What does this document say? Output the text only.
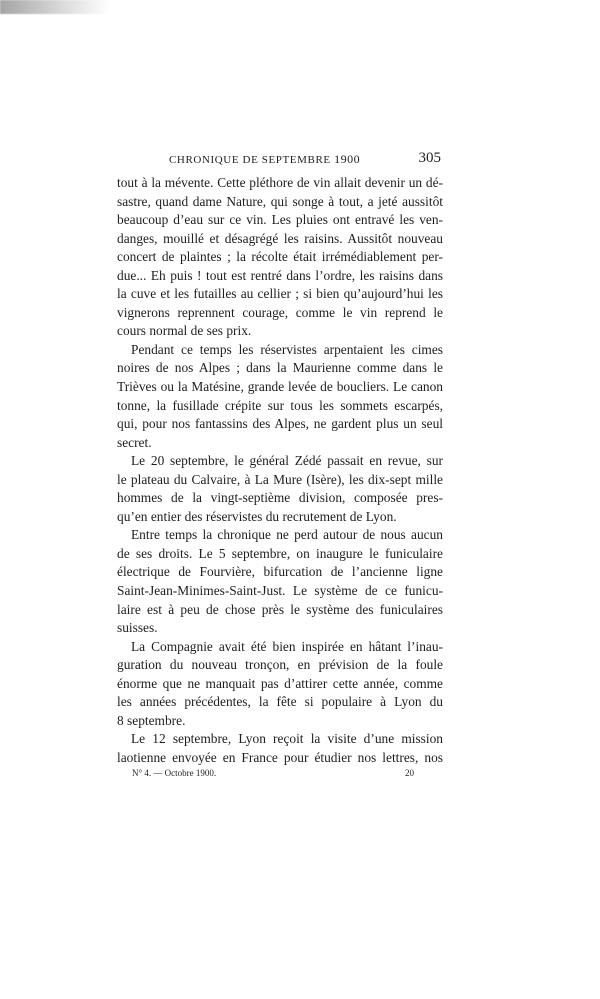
CHRONIQUE DE SEPTEMBRE 1900	305

tout à la mévente. Cette pléthore de vin allait devenir un dé-
sastre, quand dame Nature, qui songe à tout, a jeté aussitôt
beaucoup d’eau sur ce vin. Les pluies ont entravé les ven-
danges, mouillé et désagrégé les raisins. Aussitôt nouveau
concert de plaintes ; la récolte était irrémédiablement per-
due... Eh puis ! tout est rentré dans l’ordre, les raisins dans
la cuve et les futailles au cellier ; si bien qu’aujourd’hui les
vignerons reprennent courage, comme le vin reprend le
cours normal de ses prix.

Pendant ce temps les réservistes arpentaient les cimes
noires de nos Alpes ; dans la Maurienne comme dans le
Trièves ou la Matésine, grande levée de boucliers. Le canon
tonne, la fusillade crépite sur tous les sommets escarpés,
qui, pour nos fantassins des Alpes, ne gardent plus un seul
secret.

Le 20 septembre, le général Zédé passait en revue, sur
le plateau du Calvaire, à La Mure (Isère), les dix-sept mille
hommes de la vingt-septième division, composée pres-
qu’en entier des réservistes du recrutement de Lyon.

Entre temps la chronique ne perd autour de nous aucun
de ses droits. Le 5 septembre, on inaugure le funiculaire
électrique de Fourvière, bifurcation de l’ancienne ligne
Saint-Jean-Minimes-Saint-Just. Le système de ce funicu-
laire est à peu de chose près le système des funiculaires
suisses.

La Compagnie avait été bien inspirée en hâtant l’inau-
guration du nouveau tronçon, en prévision de la foule
énorme que ne manquait pas d’attirer cette année, comme
les années précédentes, la fête si populaire à Lyon du
8 septembre.

Le 12 septembre, Lyon reçoit la visite d’une mission
laotienne envoyée en France pour étudier nos lettres, nos

N° 4. — Octobre 1900.	20
